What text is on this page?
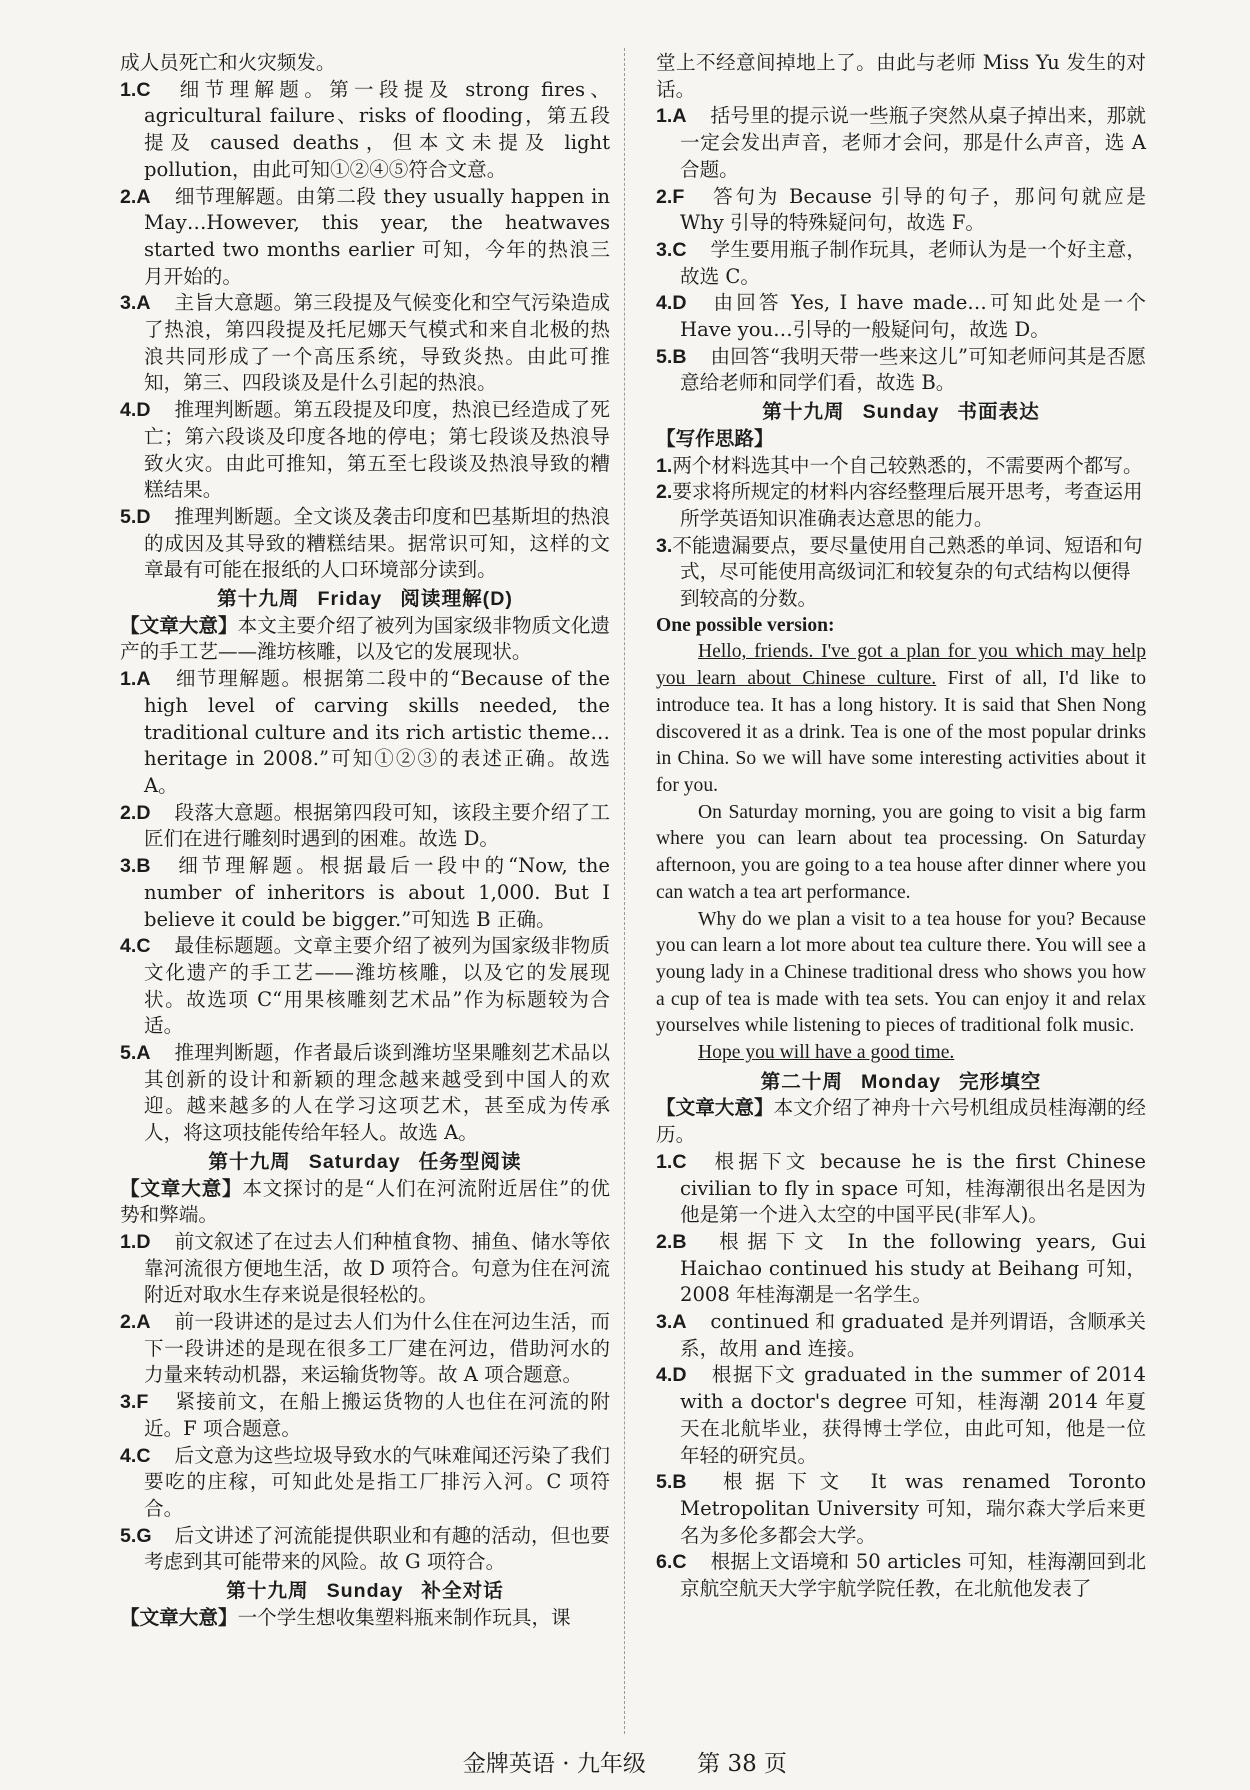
成人员死亡和火灾频发。

1.C 细节理解题。第一段提及 strong fires、agricultural failure、risks of flooding，第五段提及 caused deaths，但本文未提及 light pollution，由此可知①②④⑤符合文意。

2.A 细节理解题。由第二段 they usually happen in May…However, this year, the heatwaves started two months earlier 可知，今年的热浪三月开始的。

3.A 主旨大意题。第三段提及气候变化和空气污染造成了热浪，第四段提及托尼娜天气模式和来自北极的热浪共同形成了一个高压系统，导致炎热。由此可推知，第三、四段谈及是什么引起的热浪。

4.D 推理判断题。第五段提及印度，热浪已经造成了死亡；第六段谈及印度各地的停电；第七段谈及热浪导致火灾。由此可推知，第五至七段谈及热浪导致的糟糕结果。

5.D 推理判断题。全文谈及袭击印度和巴基斯坦的热浪的成因及其导致的糟糕结果。据常识可知，这样的文章最有可能在报纸的人口环境部分读到。

第十九周 Friday 阅读理解(D)

【文章大意】本文主要介绍了被列为国家级非物质文化遗产的手工艺——潍坊核雕，以及它的发展现状。

1.A 细节理解题。根据第二段中的“Because of the high level of carving skills needed, the traditional culture and its rich artistic theme…heritage in 2008.”可知①②③的表述正确。故选 A。

2.D 段落大意题。根据第四段可知，该段主要介绍了工匠们在进行雕刻时遇到的困难。故选 D。

3.B 细节理解题。根据最后一段中的“Now, the number of inheritors is about 1,000. But I believe it could be bigger.”可知选 B 正确。

4.C 最佳标题题。文章主要介绍了被列为国家级非物质文化遗产的手工艺——潍坊核雕，以及它的发展现状。故选项 C“用果核雕刻艺术品”作为标题较为合适。

5.A 推理判断题，作者最后谈到潍坊坚果雕刻艺术品以其创新的设计和新颖的理念越来越受到中国人的欢迎。越来越多的人在学习这项艺术，甚至成为传承人，将这项技能传给年轻人。故选 A。

第十九周 Saturday 任务型阅读

【文章大意】本文探讨的是“人们在河流附近居住”的优势和弊端。

1.D 前文叙述了在过去人们种植食物、捕鱼、储水等依靠河流很方便地生活，故 D 项符合。句意为住在河流附近对取水生存来说是很轻松的。

2.A 前一段讲述的是过去人们为什么住在河边生活，而下一段讲述的是现在很多工厂建在河边，借助河水的力量来转动机器，来运输货物等。故 A 项合题意。

3.F 紧接前文，在船上搬运货物的人也住在河流的附近。F 项合题意。

4.C 后文意为这些垃圾导致水的气味难闻还污染了我们要吃的庄稼，可知此处是指工厂排污入河。C 项符合。

5.G 后文讲述了河流能提供职业和有趣的活动，但也要考虑到其可能带来的风险。故 G 项符合。

第十九周 Sunday 补全对话

【文章大意】一个学生想收集塑料瓶来制作玩具，课

堂上不经意间掉地上了。由此与老师 Miss Yu 发生的对话。

1.A 括号里的提示说一些瓶子突然从桌子掉出来，那就一定会发出声音，老师才会问，那是什么声音，选 A 合题。

2.F 答句为 Because 引导的句子，那问句就应是 Why 引导的特殊疑问句，故选 F。

3.C 学生要用瓶子制作玩具，老师认为是一个好主意，故选 C。

4.D 由回答 Yes, I have made…可知此处是一个 Have you…引导的一般疑问句，故选 D。

5.B 由回答“我明天带一些来这儿”可知老师问其是否愿意给老师和同学们看，故选 B。

第十九周 Sunday 书面表达

【写作思路】

1.两个材料选其中一个自己较熟悉的，不需要两个都写。

2.要求将所规定的材料内容经整理后展开思考，考查运用所学英语知识准确表达意思的能力。

3.不能遗漏要点，要尽量使用自己熟悉的单词、短语和句式，尽可能使用高级词汇和较复杂的句式结构以便得到较高的分数。

One possible version:

Hello, friends. I've got a plan for you which may help you learn about Chinese culture. First of all, I'd like to introduce tea. It has a long history. It is said that Shen Nong discovered it as a drink. Tea is one of the most popular drinks in China. So we will have some interesting activities about it for you.

On Saturday morning, you are going to visit a big farm where you can learn about tea processing. On Saturday afternoon, you are going to a tea house after dinner where you can watch a tea art performance.

Why do we plan a visit to a tea house for you? Because you can learn a lot more about tea culture there. You will see a young lady in a Chinese traditional dress who shows you how a cup of tea is made with tea sets. You can enjoy it and relax yourselves while listening to pieces of traditional folk music.

Hope you will have a good time.

第二十周 Monday 完形填空

【文章大意】本文介绍了神舟十六号机组成员桂海潮的经历。

1.C 根据下文 because he is the first Chinese civilian to fly in space 可知，桂海潮很出名是因为他是第一个进入太空的中国平民(非军人)。

2.B 根据下文 In the following years, Gui Haichao continued his study at Beihang 可知，2008 年桂海潮是一名学生。

3.A continued 和 graduated 是并列谓语，含顺承关系，故用 and 连接。

4.D 根据下文 graduated in the summer of 2014 with a doctor's degree 可知，桂海潮 2014 年夏天在北航毕业，获得博士学位，由此可知，他是一位年轻的研究员。

5.B 根据下文 It was renamed Toronto Metropolitan University 可知，瑞尔森大学后来更名为多伦多都会大学。

6.C 根据上文语境和 50 articles 可知，桂海潮回到北京航空航天大学宇航学院任教，在北航他发表了

金牌英语 · 九年级 第 38 页
